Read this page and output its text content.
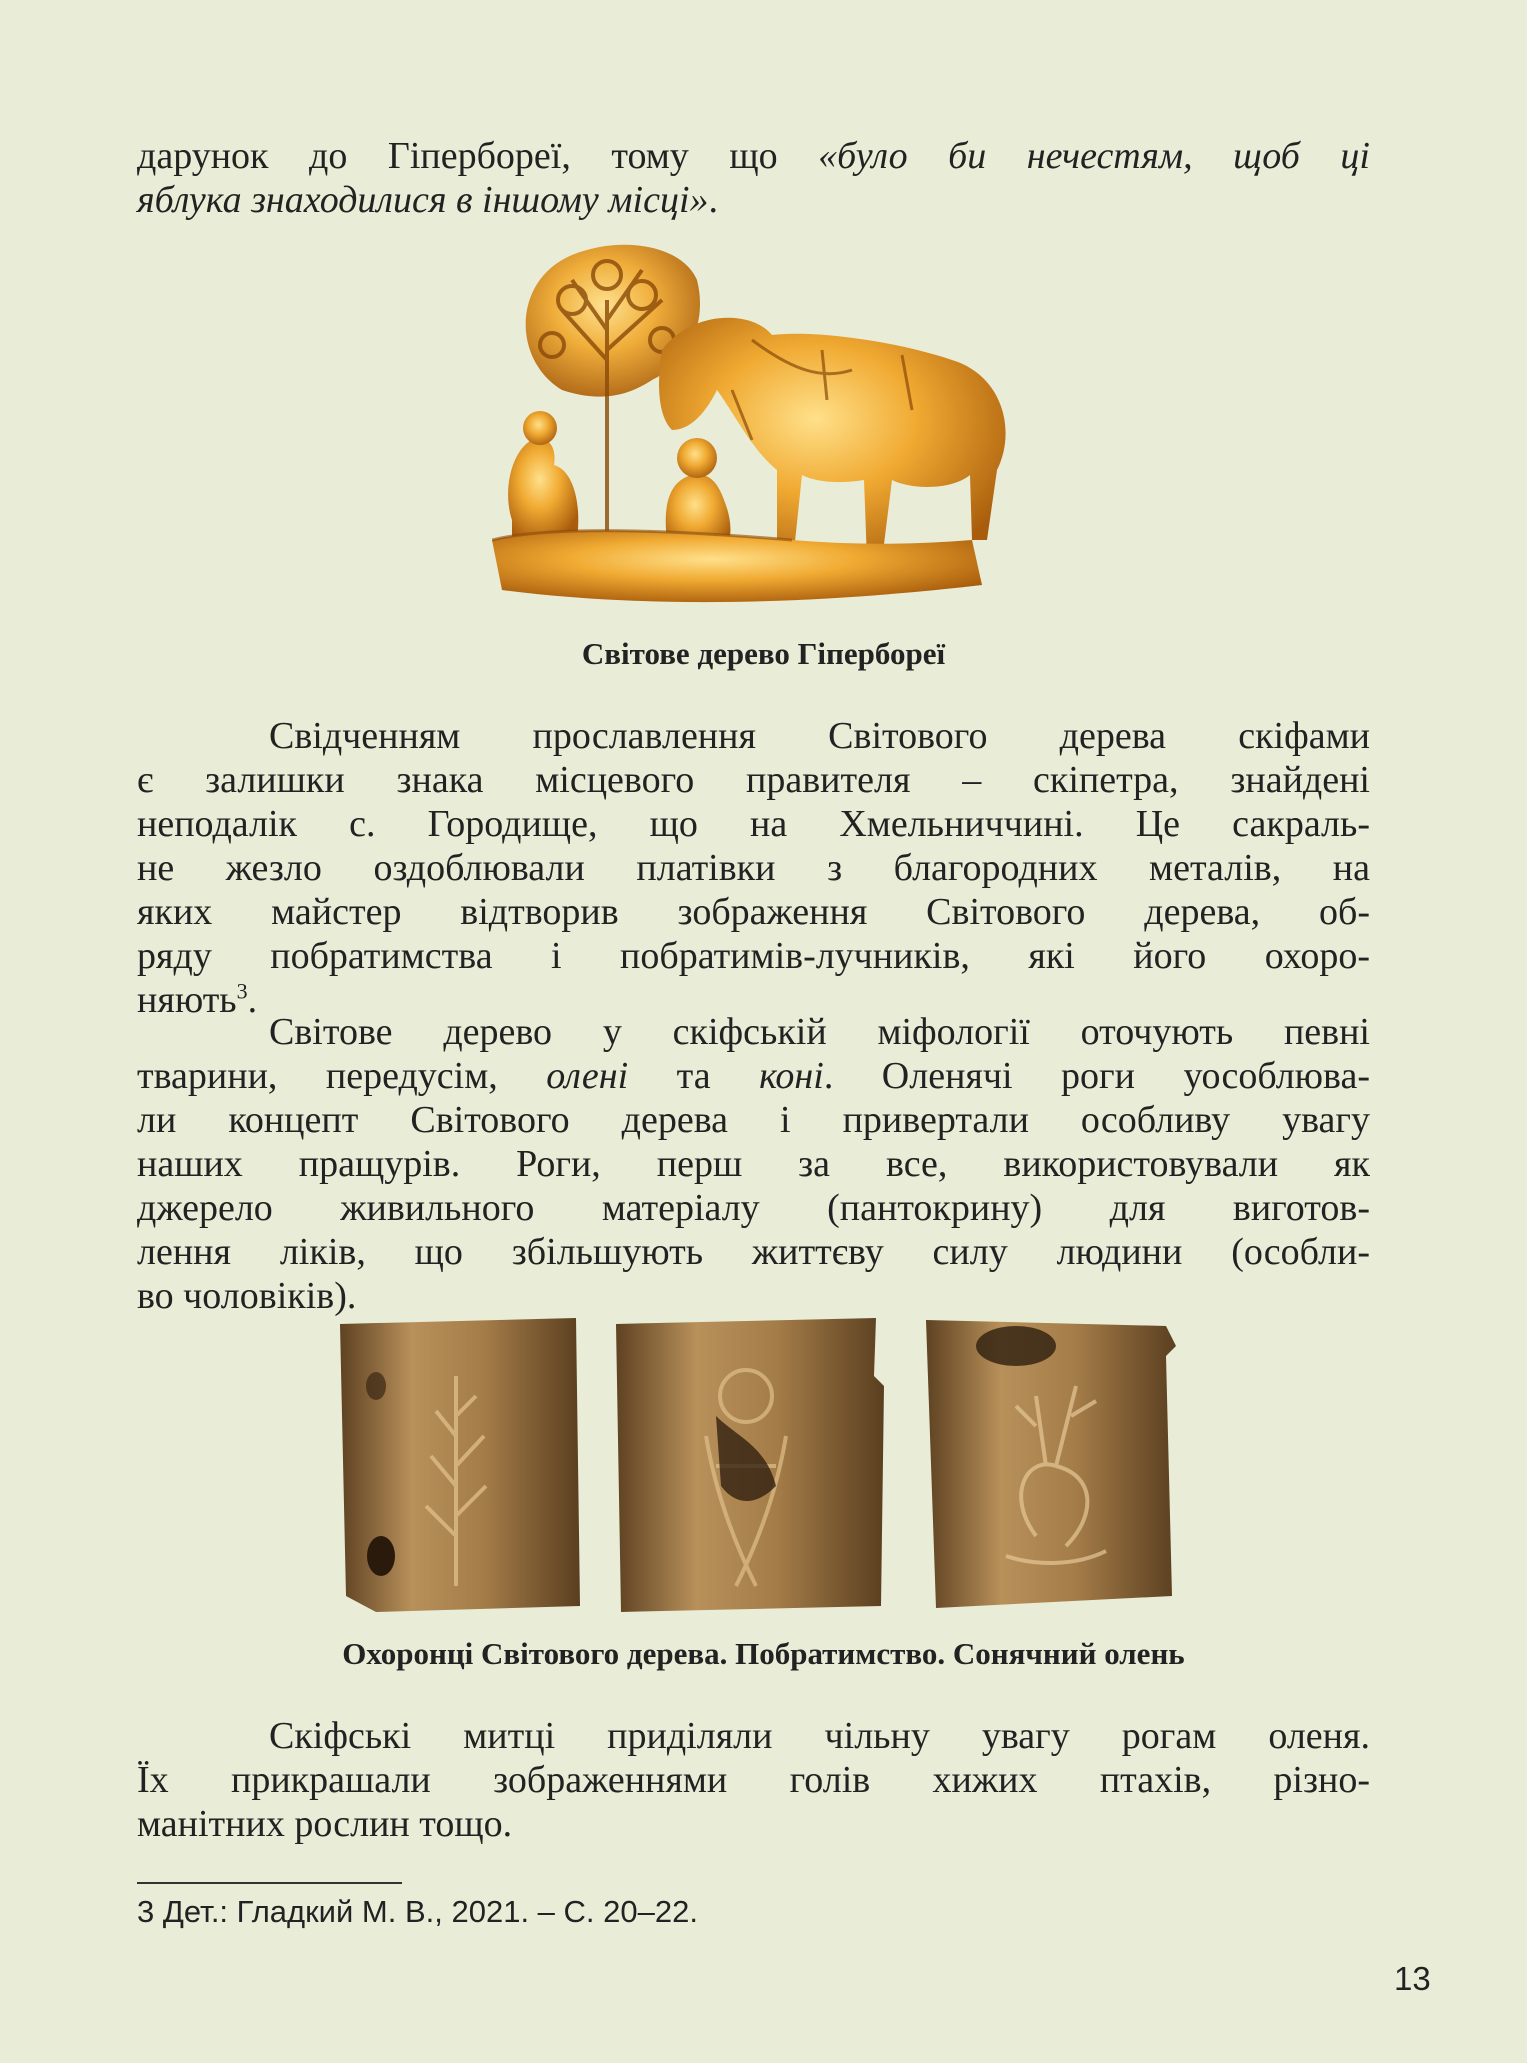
дарунок до Гіпербореї, тому що «було би нечестям, щоб ці
яблука знаходилися в іншому місці».

Світове дерево Гіпербореї

Свідченням прославлення Світового дерева скіфами
є залишки знака місцевого правителя – скіпетра, знайдені
неподалік с. Городище, що на Хмельниччині. Це сакраль-
не жезло оздоблювали платівки з благородних металів, на
яких майстер відтворив зображення Світового дерева, об-
ряду побратимства і побратимів-лучників, які його охоро-
няють$^3$.

Світове дерево у скіфській міфології оточують певні
тварини, передусім, олені та коні. Оленячі роги уособлюва-
ли концепт Світового дерева і привертали особливу увагу
наших пращурів. Роги, перш за все, використовували як
джерело живильного матеріалу (пантокрину) для виготов-
лення ліків, що збільшують життєву силу людини (особли-
во чоловіків).

Охоронці Світового дерева. Побратимство. Сонячний олень

Скіфські митці приділяли чільну увагу рогам оленя.
Їх прикрашали зображеннями голів хижих птахів, різно-
манітних рослин тощо.

3 Дет.: Гладкий М. В., 2021. – С. 20–22.
13
